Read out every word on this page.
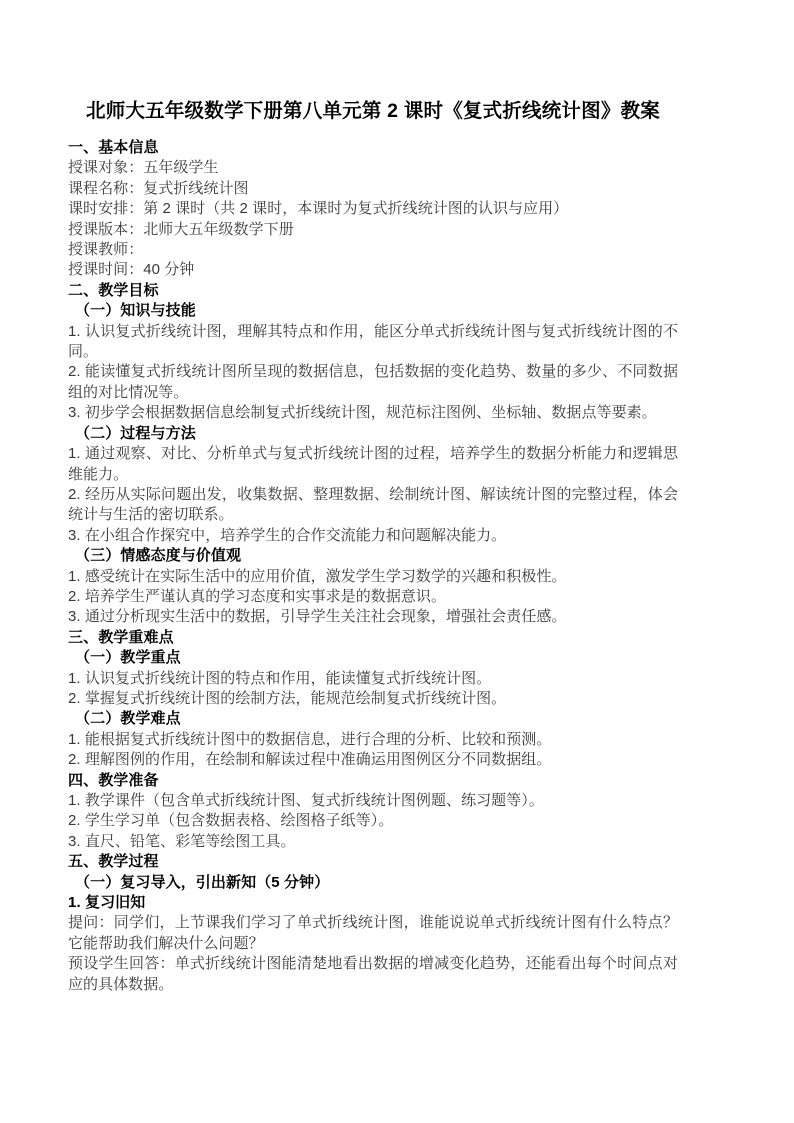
北师大五年级数学下册第八单元第 2 课时《复式折线统计图》教案
一、基本信息
授课对象：五年级学生
课程名称：复式折线统计图
课时安排：第 2 课时（共 2 课时，本课时为复式折线统计图的认识与应用）
授课版本：北师大五年级数学下册
授课教师：
授课时间：40 分钟
二、教学目标
（一）知识与技能
1. 认识复式折线统计图，理解其特点和作用，能区分单式折线统计图与复式折线统计图的不同。
2. 能读懂复式折线统计图所呈现的数据信息，包括数据的变化趋势、数量的多少、不同数据组的对比情况等。
3. 初步学会根据数据信息绘制复式折线统计图，规范标注图例、坐标轴、数据点等要素。
（二）过程与方法
1. 通过观察、对比、分析单式与复式折线统计图的过程，培养学生的数据分析能力和逻辑思维能力。
2. 经历从实际问题出发，收集数据、整理数据、绘制统计图、解读统计图的完整过程，体会统计与生活的密切联系。
3. 在小组合作探究中，培养学生的合作交流能力和问题解决能力。
（三）情感态度与价值观
1. 感受统计在实际生活中的应用价值，激发学生学习数学的兴趣和积极性。
2. 培养学生严谨认真的学习态度和实事求是的数据意识。
3. 通过分析现实生活中的数据，引导学生关注社会现象，增强社会责任感。
三、教学重难点
（一）教学重点
1. 认识复式折线统计图的特点和作用，能读懂复式折线统计图。
2. 掌握复式折线统计图的绘制方法，能规范绘制复式折线统计图。
（二）教学难点
1. 能根据复式折线统计图中的数据信息，进行合理的分析、比较和预测。
2. 理解图例的作用，在绘制和解读过程中准确运用图例区分不同数据组。
四、教学准备
1. 教学课件（包含单式折线统计图、复式折线统计图例题、练习题等）。
2. 学生学习单（包含数据表格、绘图格子纸等）。
3. 直尺、铅笔、彩笔等绘图工具。
五、教学过程
（一）复习导入，引出新知（5 分钟）
1. 复习旧知
提问：同学们，上节课我们学习了单式折线统计图，谁能说说单式折线统计图有什么特点？它能帮助我们解决什么问题？
预设学生回答：单式折线统计图能清楚地看出数据的增减变化趋势，还能看出每个时间点对应的具体数据。
